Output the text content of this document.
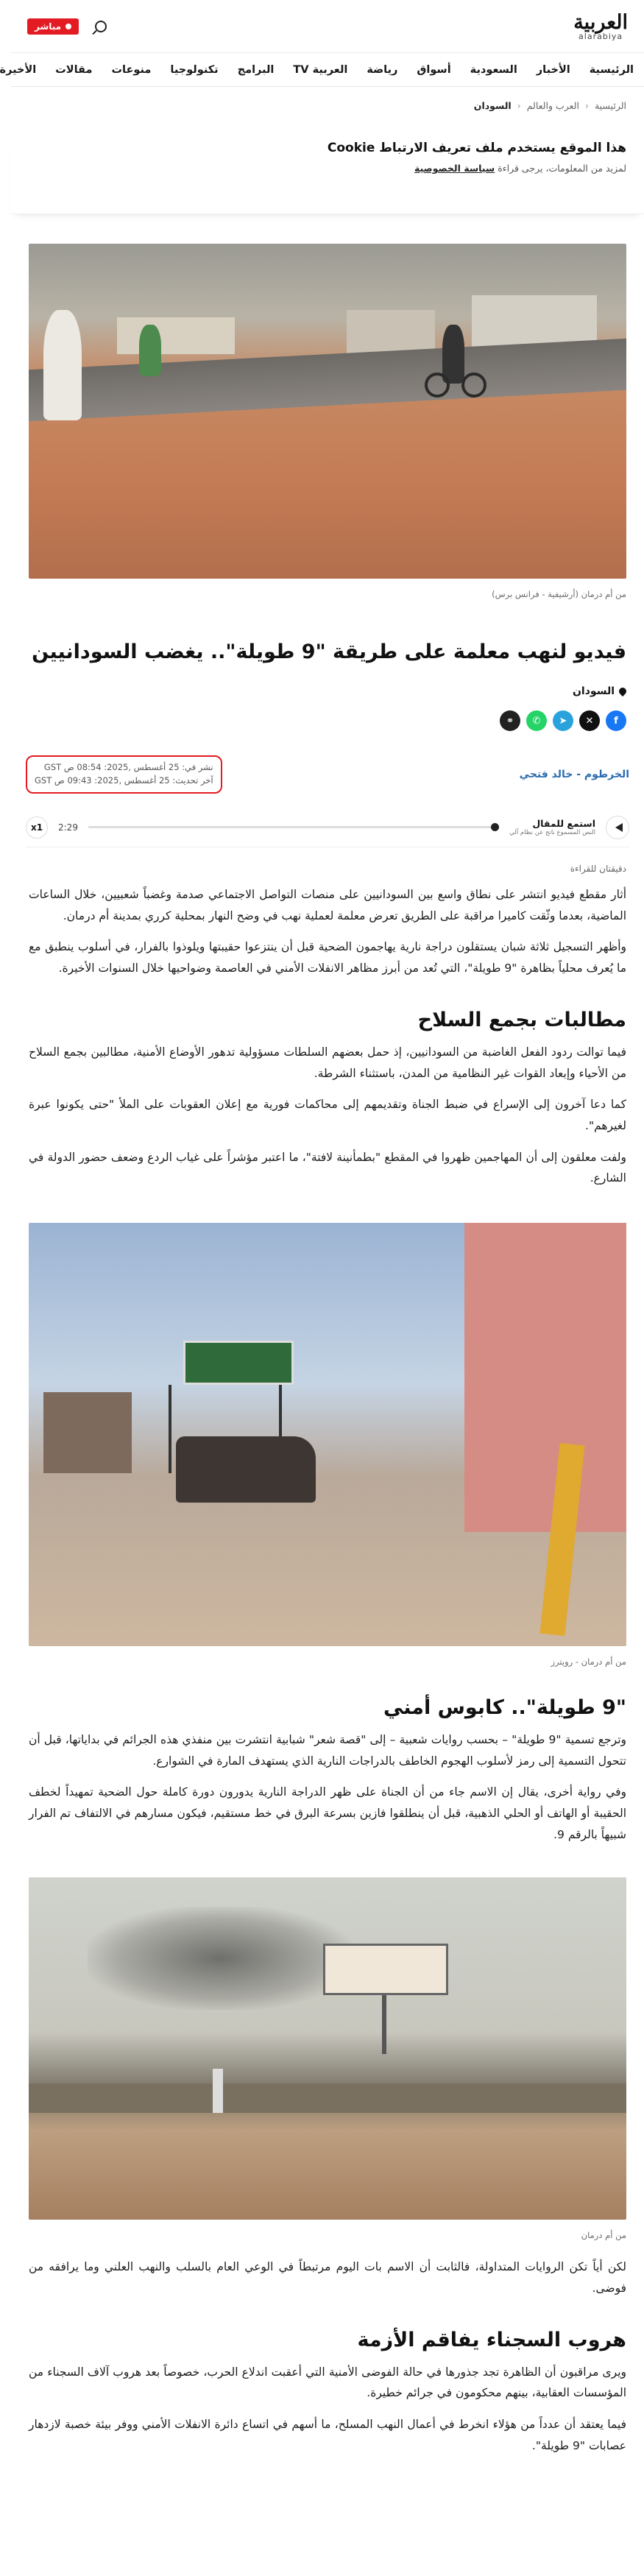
العربية
alarabiya
مباشر
الرئيسية
الأخبار
السعودية
أسواق
رياضة
العربية TV
البرامج
تكنولوجيا
منوعات
مقالات
الأخيرة
الرئيسية
‹
العرب والعالم
‹
السودان
هذا الموقع يستخدم ملف تعريف الارتباط Cookie

لمزيد من المعلومات، يرجى قراءة سياسة الخصوصية

من أم درمان (أرشيفية - فرانس برس)
فيديو لنهب معلمة على طريقة "9 طويلة".. يغضب السودانيين
السودان
f
✕
➤
✆
⚭
الخرطوم - خالد فتحي
نشر في: 25 أغسطس ,2025: 08:54 ص GST
آخر تحديث: 25 أغسطس ,2025: 09:43 ص GST
استمع للمقال
النص المسموع ناتج عن نظام آلي
2:29
x1
دقيقتان للقراءة

أثار مقطع فيديو انتشر على نطاق واسع بين السودانيين على منصات التواصل الاجتماعي صدمة وغضباً شعبيين، خلال الساعات الماضية، بعدما وثّقت كاميرا مراقبة على الطريق تعرض معلمة لعملية نهب في وضح النهار بمحلية كرري بمدينة أم درمان.

وأظهر التسجيل ثلاثة شبان يستقلون دراجة نارية يهاجمون الضحية قبل أن ينتزعوا حقيبتها ويلوذوا بالفرار، في أسلوب ينطبق مع ما يُعرف محلياً بظاهرة "9 طويلة"، التي تُعد من أبرز مظاهر الانفلات الأمني في العاصمة وضواحيها خلال السنوات الأخيرة.

مطالبات بجمع السلاح

فيما توالت ردود الفعل الغاضبة من السودانيين، إذ حمل بعضهم السلطات مسؤولية تدهور الأوضاع الأمنية، مطالبين بجمع السلاح من الأحياء وإبعاد القوات غير النظامية من المدن، باستثناء الشرطة.

كما دعا آخرون إلى الإسراع في ضبط الجناة وتقديمهم إلى محاكمات فورية مع إعلان العقوبات على الملأ "حتى يكونوا عبرة لغيرهم".

ولفت معلقون إلى أن المهاجمين ظهروا في المقطع "بطمأنينة لافتة"، ما اعتبر مؤشراً على غياب الردع وضعف حضور الدولة في الشارع.

من أم درمان - رويترز
"9 طويلة".. كابوس أمني

وترجع تسمية "9 طويلة" – بحسب روايات شعبية – إلى "قصة شعر" شبابية انتشرت بين منفذي هذه الجرائم في بداياتها، قبل أن تتحول التسمية إلى رمز لأسلوب الهجوم الخاطف بالدراجات النارية الذي يستهدف المارة في الشوارع.

وفي رواية أخرى، يقال إن الاسم جاء من أن الجناة على ظهر الدراجة النارية يدورون دورة كاملة حول الضحية تمهيداً لخطف الحقيبة أو الهاتف أو الحلي الذهبية، قبل أن ينطلقوا فازين بسرعة البرق في خط مستقيم، فيكون مسارهم في الالتفاف تم الفرار شبيهاً بالرقم 9.

من أم درمان

لكن أياً تكن الروايات المتداولة، فالثابت أن الاسم بات اليوم مرتبطاً في الوعي العام بالسلب والنهب العلني وما يرافقه من فوضى.

هروب السجناء يفاقم الأزمة

ويرى مراقبون أن الظاهرة تجد جذورها في حالة الفوضى الأمنية التي أعقبت اندلاع الحرب، خصوصاً بعد هروب آلاف السجناء من المؤسسات العقابية، بينهم محكومون في جرائم خطيرة.

فيما يعتقد أن عدداً من هؤلاء انخرط في أعمال النهب المسلح، ما أسهم في اتساع دائرة الانفلات الأمني ووفر بيئة خصبة لازدهار عصابات "9 طويلة".
